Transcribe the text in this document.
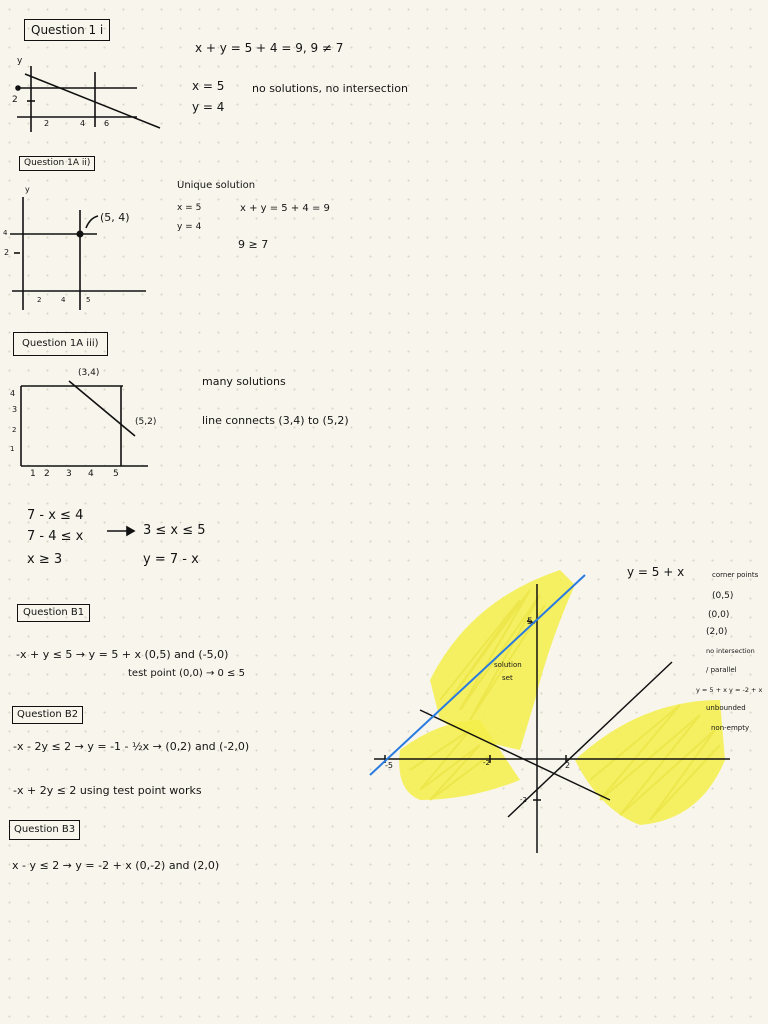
Question 1 i
x + y = 5 + 4 = 9, 9 ≠ 7
x = 5	no solutions, no intersection
y = 4
y
2
2	4 6
Question 1A ii)
Unique solution
x = 5
y = 4
x + y = 5 + 4 = 9
9 ≥ 7
y
4
2
2	4	5
(5, 4)
Question 1A iii)
many solutions
line connects (3,4) to (5,2)
4
3
2
1
1 2 3 4 5
(3,4)
(5,2)
7 - x ≤ 4
7 - 4 ≤ x
x ≥ 3
3 ≤ x ≤ 5
y = 7 - x
Question B1
-x + y ≤ 5 → y = 5 + x (0,5) and (-5,0)
test point (0,0) → 0 ≤ 5
Question B2
-x - 2y ≤ 2 → y = -1 - ½x → (0,2) and (-2,0)
-x + 2y ≤ 2 using test point works
Question B3
x - y ≤ 2 → y = -2 + x (0,-2) and (2,0)
5
-2
-5	-2	2
solution
set
y = 5 + x	corner points
(0,5)
(0,0)
(2,0)
no intersection
/ parallel
y = 5 + x y = -2 + x
unbounded
non-empty
